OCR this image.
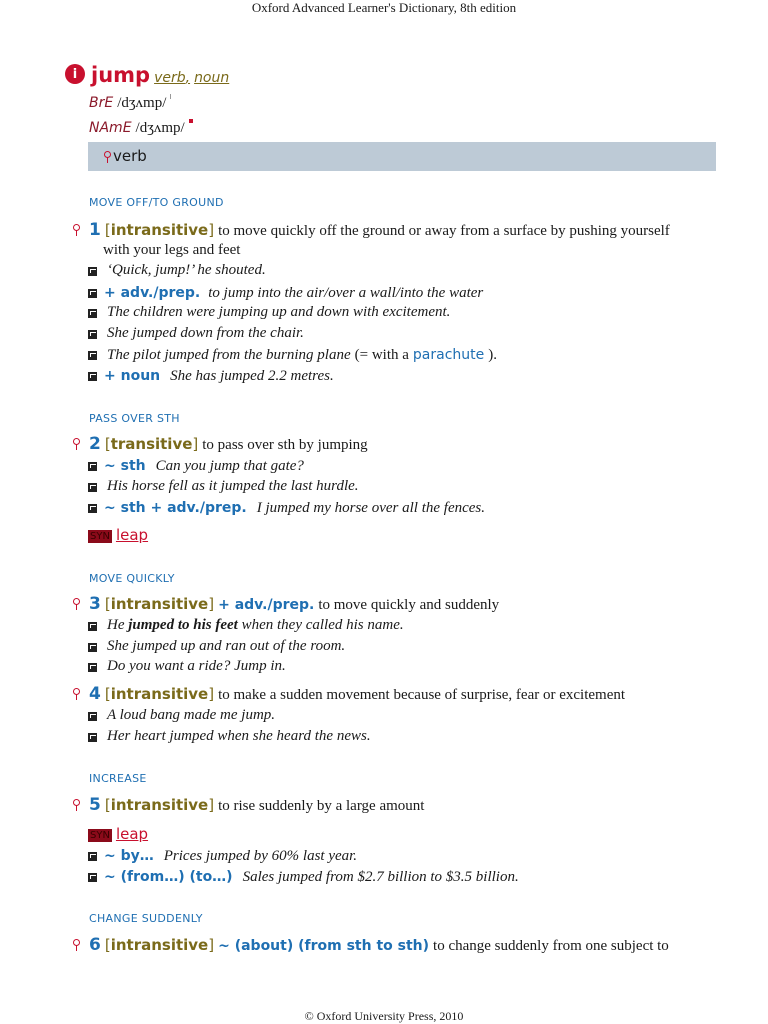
Oxford Advanced Learner's Dictionary, 8th edition
i jump verb, noun
BrE /dʒʌmp/
NAmE /dʒʌmp/
verb
MOVE OFF/TO GROUND
1 [intransitive] to move quickly off the ground or away from a surface by pushing yourself
with your legs and feet
‘Quick, jump!’ he shouted.
+ adv./prep. to jump into the air/over a wall/into the water
The children were jumping up and down with excitement.
She jumped down from the chair.
The pilot jumped from the burning plane (= with a parachute ).
+ noun She has jumped 2.2 metres.
PASS OVER STH
2 [transitive] to pass over sth by jumping
~ sth Can you jump that gate?
His horse fell as it jumped the last hurdle.
~ sth + adv./prep. I jumped my horse over all the fences.
SYN leap
MOVE QUICKLY
3 [intransitive] + adv./prep. to move quickly and suddenly
He jumped to his feet when they called his name.
She jumped up and ran out of the room.
Do you want a ride? Jump in.
4 [intransitive] to make a sudden movement because of surprise, fear or excitement
A loud bang made me jump.
Her heart jumped when she heard the news.
INCREASE
5 [intransitive] to rise suddenly by a large amount
SYN leap
~ by… Prices jumped by 60% last year.
~ (from…) (to…) Sales jumped from $2.7 billion to $3.5 billion.
CHANGE SUDDENLY
6 [intransitive] ~ (about) (from sth to sth) to change suddenly from one subject to
© Oxford University Press, 2010
